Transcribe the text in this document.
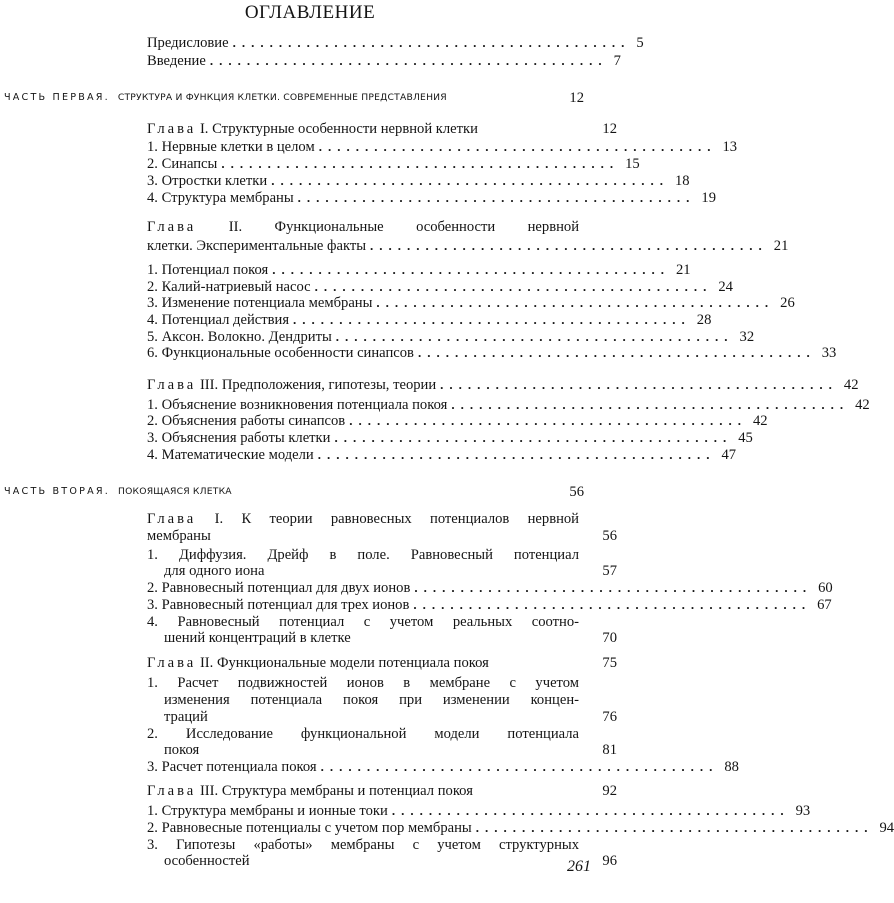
ОГЛАВЛЕНИЕ
Предисловие ........................................... 5
Введение ........................................... 7
ЧАСТЬ ПЕРВАЯ. СТРУКТУРА И ФУНКЦИЯ КЛЕТКИ. СОВРЕМЕННЫЕ ПРЕДСТАВЛЕНИЯ	12
Глава I. Структурные особенности нервной клетки	12
1. Нервные клетки в целом ........................................... 13
2. Синапсы ........................................... 15
3. Отростки клетки ........................................... 18
4. Структура мембраны ........................................... 19
Глава II. Функциональные особенности нервной
клетки. Экспериментальные факты ........................................... 21
1. Потенциал покоя ........................................... 21
2. Калий-натриевый насос ........................................... 24
3. Изменение потенциала мембраны ........................................... 26
4. Потенциал действия ........................................... 28
5. Аксон. Волокно. Дендриты ........................................... 32
6. Функциональные особенности синапсов ........................................... 33
Глава III. Предположения, гипотезы, теории ........................................... 42
1. Объяснение возникновения потенциала покоя ........................................... 42
2. Объяснения работы синапсов ........................................... 42
3. Объяснения работы клетки ........................................... 45
4. Математические модели ........................................... 47
ЧАСТЬ ВТОРАЯ. ПОКОЯЩАЯСЯ КЛЕТКА	56
Глава I. К теории равновесных потенциалов нервной
мембраны	56
1. Диффузия. Дрейф в поле. Равновесный потенциал
для одного иона	57
2. Равновесный потенциал для двух ионов ........................................... 60
3. Равновесный потенциал для трех ионов ........................................... 67
4. Равновесный потенциал с учетом реальных соотно-
шений концентраций в клетке	70
Глава II. Функциональные модели потенциала покоя	75
1. Расчет подвижностей ионов в мембране с учетом
изменения потенциала покоя при изменении концен-
траций	76
2. Исследование функциональной модели потенциала
покоя	81
3. Расчет потенциала покоя ........................................... 88
Глава III. Структура мембраны и потенциал покоя	92
1. Структура мембраны и ионные токи ........................................... 93
2. Равновесные потенциалы с учетом пор мембраны ........................................... 94
3. Гипотезы «работы» мембраны с учетом структурных
особенностей	96
261
